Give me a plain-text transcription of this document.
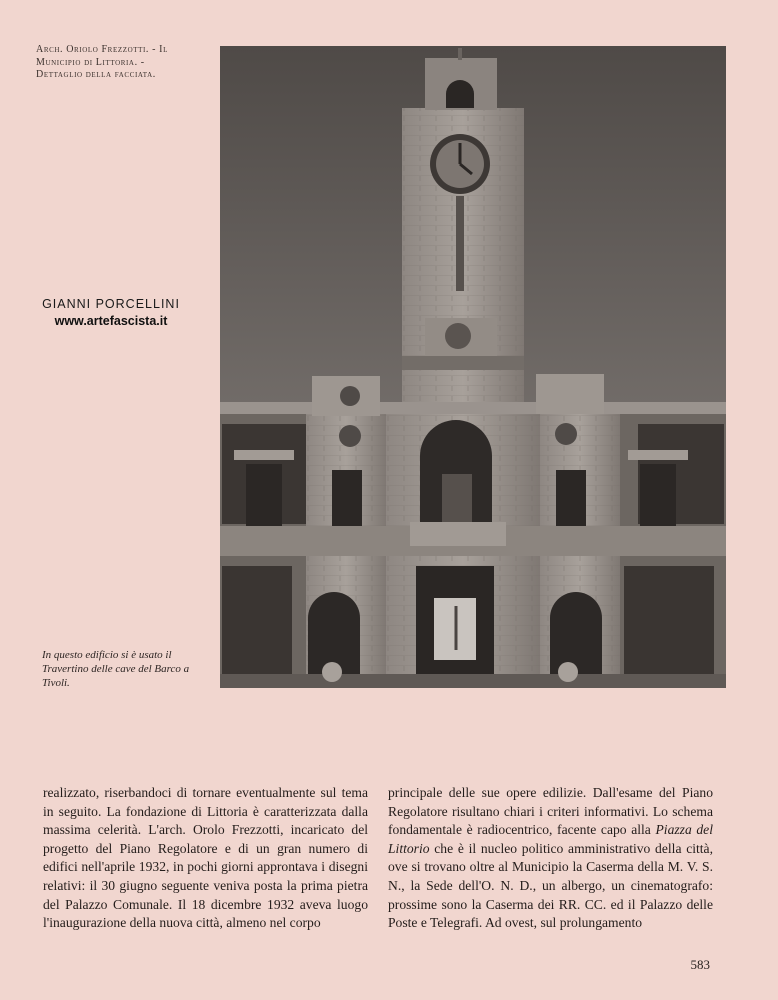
Arch. Oriolo Frezzotti. - Il Municipio di Littoria. - Dettaglio della facciata.
GIANNI PORCELLINI
www.artefascista.it
In questo edificio si è usato il Travertino delle cave del Barco a Tivoli.

realizzato, riserbandoci di tornare eventualmente sul tema in seguito. La fondazione di Littoria è caratterizzata dalla massima celerità. L'arch. Orolo Frezzotti, incaricato del progetto del Piano Regolatore e di un gran numero di edifici nell'aprile 1932, in pochi giorni approntava i disegni relativi: il 30 giugno seguente veniva posta la prima pietra del Palazzo Comunale. Il 18 dicembre 1932 aveva luogo l'inaugurazione della nuova città, almeno nel corpo

principale delle sue opere edilizie. Dall'esame del Piano Regolatore risultano chiari i criteri informativi. Lo schema fondamentale è radiocentrico, facente capo alla Piazza del Littorio che è il nucleo politico amministrativo della città, ove si trovano oltre al Municipio la Caserma della M. V. S. N., la Sede dell'O. N. D., un albergo, un cinematografo: prossime sono la Caserma dei RR. CC. ed il Palazzo delle Poste e Telegrafi. Ad ovest, sul prolungamento

583
